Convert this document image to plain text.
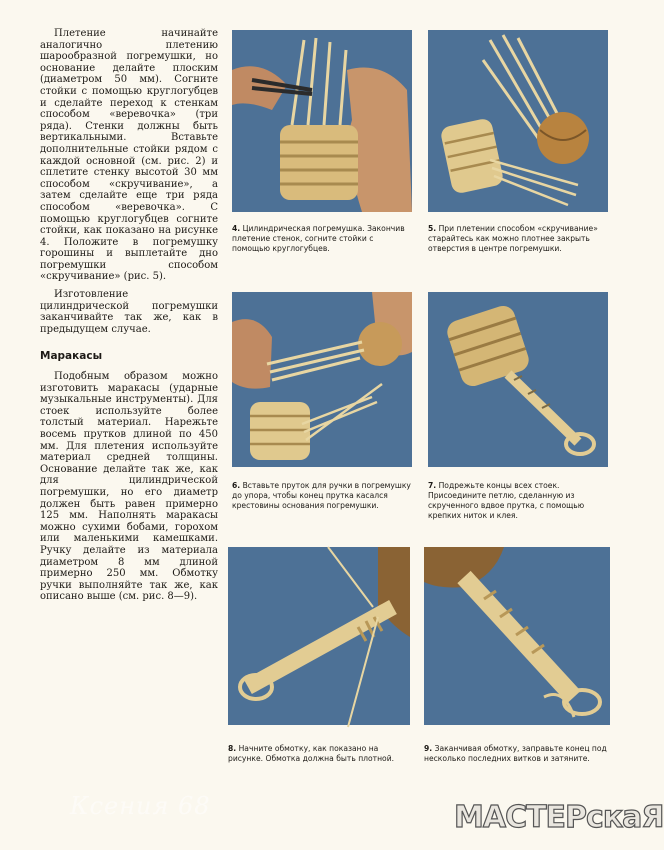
Плетение начинайте аналогично плетению шарообразной погремушки, но основание делайте плоским (диаметром 50 мм). Согните стойки с помощью круглогубцев и сделайте переход к стенкам способом «веревочка» (три ряда). Стенки должны быть вертикальными. Вставьте дополнительные стойки рядом с каждой основной (см. рис. 2) и сплетите стенку высотой 30 мм способом «скручивание», а затем сделайте еще три ряда способом «веревочка». С помощью круглогубцев согните стойки, как показано на рисунке 4. Положите в погремушку горошины и выплетайте дно погремушки способом «скручивание» (рис. 5).

Изготовление цилиндрической погремушки заканчивайте так же, как в предыдущем случае.

Маракасы

Подобным образом можно изготовить маракасы (ударные музыкальные инструменты). Для стоек используйте более толстый материал. Нарежьте восемь прутков длиной по 450 мм. Для плетения используйте материал средней толщины. Основание делайте так же, как для цилиндрической погремушки, но его диаметр должен быть равен примерно 125 мм. Наполнять маракасы можно сухими бобами, горохом или маленькими камешками. Ручку делайте из материала диаметром 8 мм длиной примерно 250 мм. Обмотку ручки выполняйте так же, как описано выше (см. рис. 8—9).

4. Цилиндрическая погремушка. Закончив плетение стенок, согните стойки с помощью круглогубцев.
5. При плетении способом «скручивание» старайтесь как можно плотнее закрыть отверстия в центре погремушки.
6. Вставьте пруток для ручки в погремушку до упора, чтобы конец прутка касался крестовины основания погремушки.
7. Подрежьте концы всех стоек. Присоедините петлю, сделанную из скрученного вдвое прутка, с помощью крепких ниток и клея.
8. Начните обмотку, как показано на рисунке. Обмотка должна быть плотной.
9. Заканчивая обмотку, заправьте конец под несколько последних витков и затяните.
Ксения 68	МАСТЕРскаЯ
